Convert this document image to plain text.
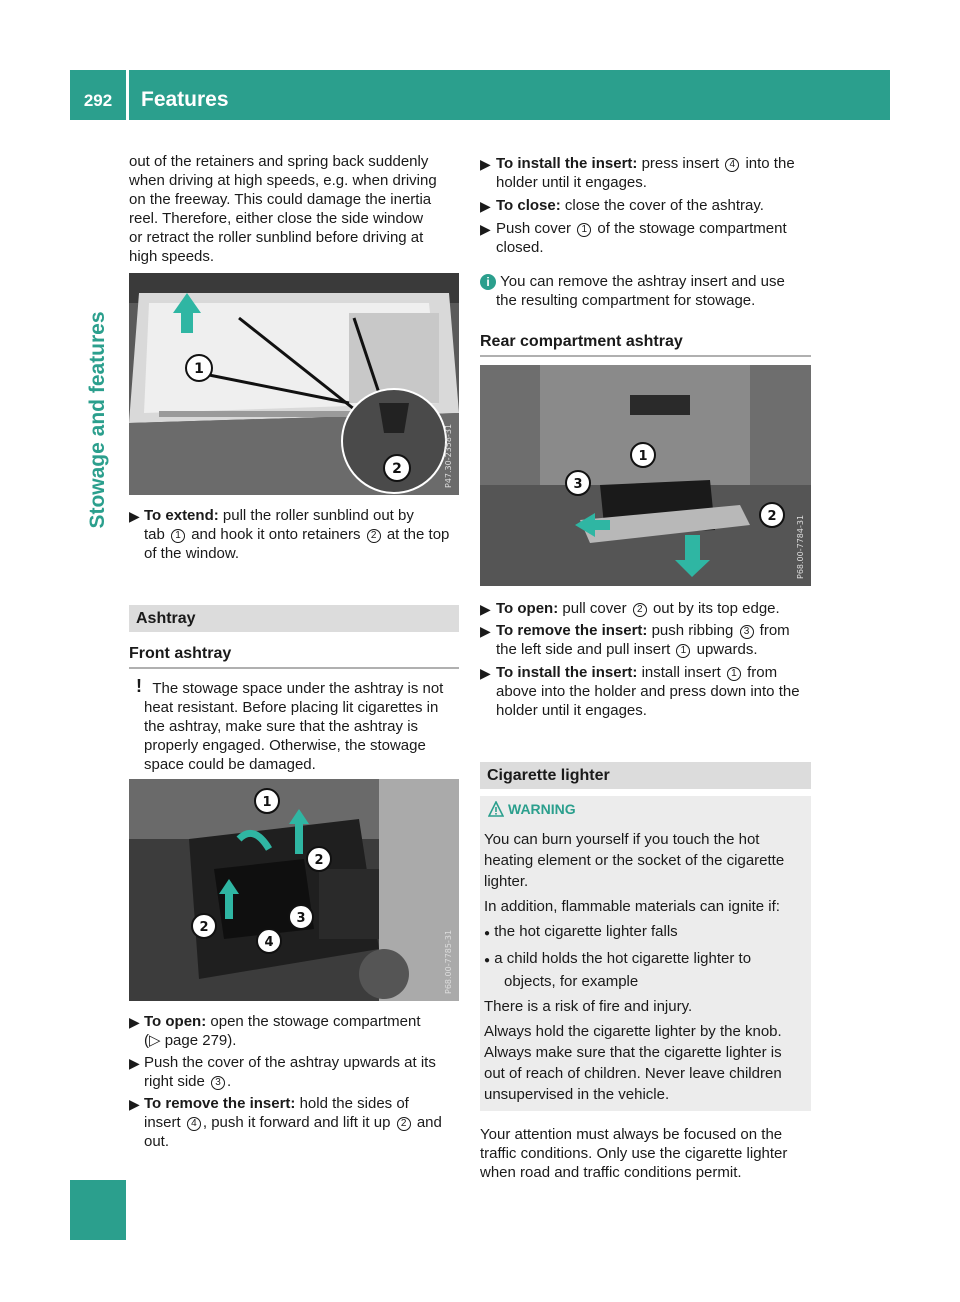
292	Features
Stowage and features
out of the retainers and spring back suddenly
when driving at high speeds, e.g. when driving
on the freeway. This could damage the inertia
reel. Therefore, either close the side window
or retract the roller sunblind before driving at
high speeds.
1
2	P47.30-2358-31
▶ To extend: pull the roller sunblind out by
tab 1 and hook it onto retainers 2 at the top
of the window.
Ashtray
Front ashtray
! The stowage space under the ashtray is not
heat resistant. Before placing lit cigarettes in
the ashtray, make sure that the ashtray is
properly engaged. Otherwise, the stowage
space could be damaged.
1
2
2
3
4	P68.00-7785-31
▶ To open: open the stowage compartment
(▷ page 279).
▶ Push the cover of the ashtray upwards at its
right side 3 .
▶ To remove the insert: hold the sides of
insert 4 , push it forward and lift it up 2 and
out.
▶ To install the insert: press insert 4 into the
holder until it engages.
▶ To close: close the cover of the ashtray.
▶ Push cover 1 of the stowage compartment
closed.
i You can remove the ashtray insert and use
the resulting compartment for stowage.
Rear compartment ashtray
1
2
3
P68.00-7784-31
▶ To open: pull cover 2 out by its top edge.
▶ To remove the insert: push ribbing 3 from
the left side and pull insert 1 upwards.
▶ To install the insert: install insert 1 from
above into the holder and press down into the
holder until it engages.
Cigarette lighter
WARNING
You can burn yourself if you touch the hot
heating element or the socket of the cigarette
lighter.
In addition, flammable materials can ignite if:
● the hot cigarette lighter falls
● a child holds the hot cigarette lighter to
objects, for example
There is a risk of fire and injury.
Always hold the cigarette lighter by the knob.
Always make sure that the cigarette lighter is
out of reach of children. Never leave children
unsupervised in the vehicle.
Your attention must always be focused on the
traffic conditions. Only use the cigarette lighter
when road and traffic conditions permit.
